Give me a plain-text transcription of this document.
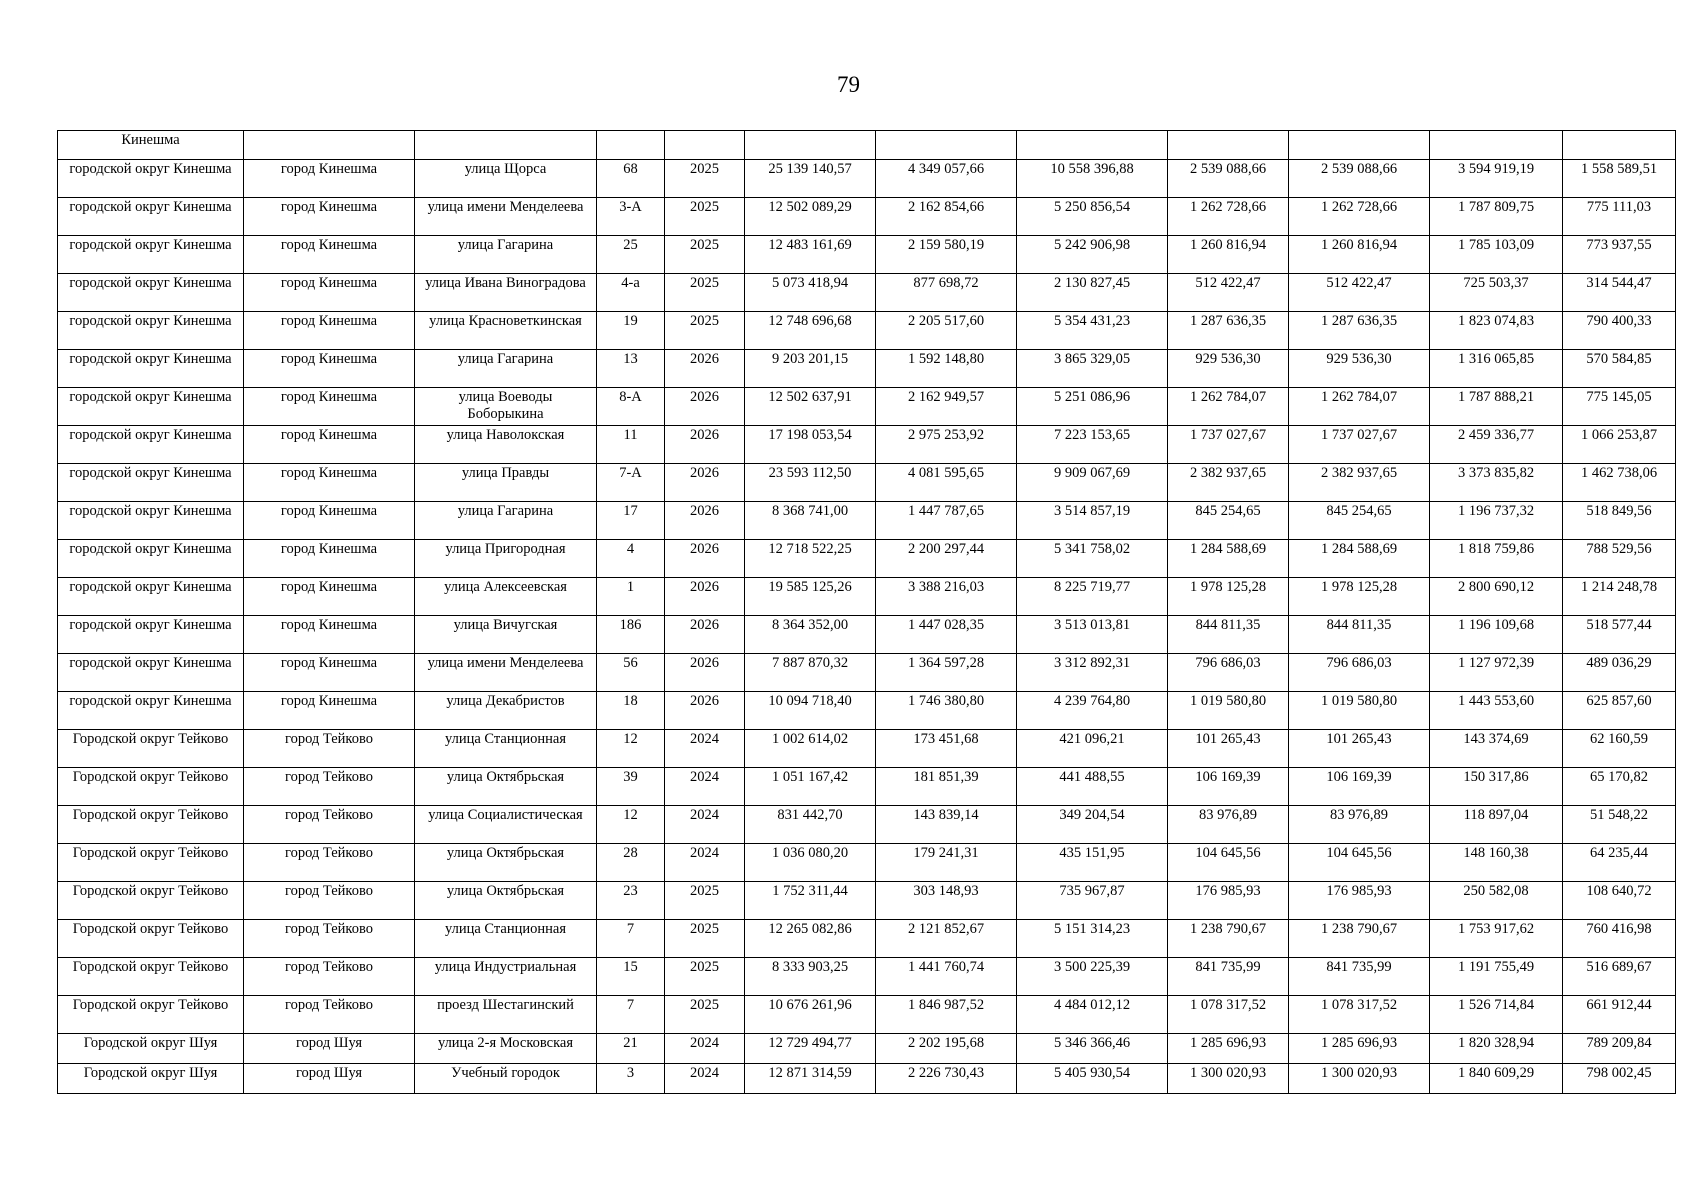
79
Кинешма											
городской округ Кинешма	город Кинешма	улица Щорса	68	2025	25 139 140,57	4 349 057,66	10 558 396,88	2 539 088,66	2 539 088,66	3 594 919,19	1 558 589,51
городской округ Кинешма	город Кинешма	улица имени Менделеева	3-А	2025	12 502 089,29	2 162 854,66	5 250 856,54	1 262 728,66	1 262 728,66	1 787 809,75	775 111,03
городской округ Кинешма	город Кинешма	улица Гагарина	25	2025	12 483 161,69	2 159 580,19	5 242 906,98	1 260 816,94	1 260 816,94	1 785 103,09	773 937,55
городской округ Кинешма	город Кинешма	улица Ивана Виноградова	4-а	2025	5 073 418,94	877 698,72	2 130 827,45	512 422,47	512 422,47	725 503,37	314 544,47
городской округ Кинешма	город Кинешма	улица Красноветкинская	19	2025	12 748 696,68	2 205 517,60	5 354 431,23	1 287 636,35	1 287 636,35	1 823 074,83	790 400,33
городской округ Кинешма	город Кинешма	улица Гагарина	13	2026	9 203 201,15	1 592 148,80	3 865 329,05	929 536,30	929 536,30	1 316 065,85	570 584,85
городской округ Кинешма	город Кинешма	улица Воеводы Боборыкина	8-А	2026	12 502 637,91	2 162 949,57	5 251 086,96	1 262 784,07	1 262 784,07	1 787 888,21	775 145,05
городской округ Кинешма	город Кинешма	улица Наволокская	11	2026	17 198 053,54	2 975 253,92	7 223 153,65	1 737 027,67	1 737 027,67	2 459 336,77	1 066 253,87
городской округ Кинешма	город Кинешма	улица Правды	7-А	2026	23 593 112,50	4 081 595,65	9 909 067,69	2 382 937,65	2 382 937,65	3 373 835,82	1 462 738,06
городской округ Кинешма	город Кинешма	улица Гагарина	17	2026	8 368 741,00	1 447 787,65	3 514 857,19	845 254,65	845 254,65	1 196 737,32	518 849,56
городской округ Кинешма	город Кинешма	улица Пригородная	4	2026	12 718 522,25	2 200 297,44	5 341 758,02	1 284 588,69	1 284 588,69	1 818 759,86	788 529,56
городской округ Кинешма	город Кинешма	улица Алексеевская	1	2026	19 585 125,26	3 388 216,03	8 225 719,77	1 978 125,28	1 978 125,28	2 800 690,12	1 214 248,78
городской округ Кинешма	город Кинешма	улица Вичугская	186	2026	8 364 352,00	1 447 028,35	3 513 013,81	844 811,35	844 811,35	1 196 109,68	518 577,44
городской округ Кинешма	город Кинешма	улица имени Менделеева	56	2026	7 887 870,32	1 364 597,28	3 312 892,31	796 686,03	796 686,03	1 127 972,39	489 036,29
городской округ Кинешма	город Кинешма	улица Декабристов	18	2026	10 094 718,40	1 746 380,80	4 239 764,80	1 019 580,80	1 019 580,80	1 443 553,60	625 857,60
Городской округ Тейково	город Тейково	улица Станционная	12	2024	1 002 614,02	173 451,68	421 096,21	101 265,43	101 265,43	143 374,69	62 160,59
Городской округ Тейково	город Тейково	улица Октябрьская	39	2024	1 051 167,42	181 851,39	441 488,55	106 169,39	106 169,39	150 317,86	65 170,82
Городской округ Тейково	город Тейково	улица Социалистическая	12	2024	831 442,70	143 839,14	349 204,54	83 976,89	83 976,89	118 897,04	51 548,22
Городской округ Тейково	город Тейково	улица Октябрьская	28	2024	1 036 080,20	179 241,31	435 151,95	104 645,56	104 645,56	148 160,38	64 235,44
Городской округ Тейково	город Тейково	улица Октябрьская	23	2025	1 752 311,44	303 148,93	735 967,87	176 985,93	176 985,93	250 582,08	108 640,72
Городской округ Тейково	город Тейково	улица Станционная	7	2025	12 265 082,86	2 121 852,67	5 151 314,23	1 238 790,67	1 238 790,67	1 753 917,62	760 416,98
Городской округ Тейково	город Тейково	улица Индустриальная	15	2025	8 333 903,25	1 441 760,74	3 500 225,39	841 735,99	841 735,99	1 191 755,49	516 689,67
Городской округ Тейково	город Тейково	проезд Шестагинский	7	2025	10 676 261,96	1 846 987,52	4 484 012,12	1 078 317,52	1 078 317,52	1 526 714,84	661 912,44
Городской округ Шуя	город Шуя	улица 2-я Московская	21	2024	12 729 494,77	2 202 195,68	5 346 366,46	1 285 696,93	1 285 696,93	1 820 328,94	789 209,84
Городской округ Шуя	город Шуя	Учебный городок	3	2024	12 871 314,59	2 226 730,43	5 405 930,54	1 300 020,93	1 300 020,93	1 840 609,29	798 002,45
